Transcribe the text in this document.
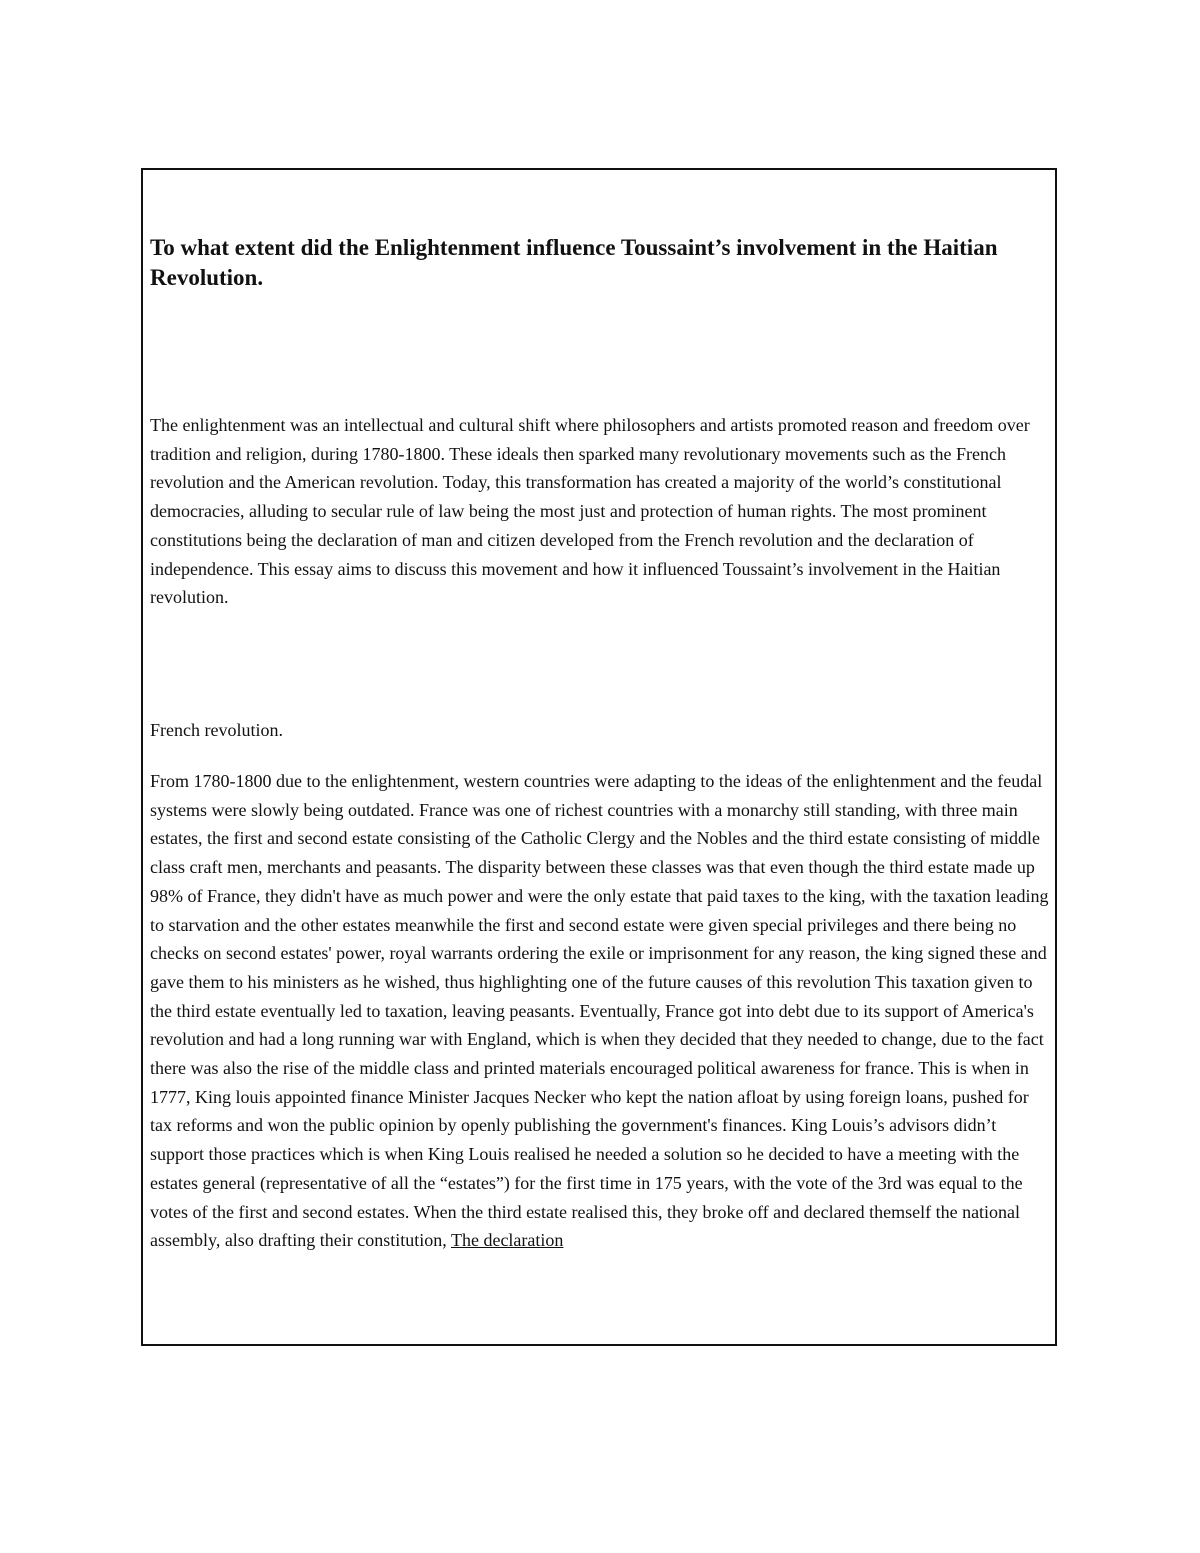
To what extent did the Enlightenment influence Toussaint’s involvement in the Haitian Revolution.

The enlightenment was an intellectual and cultural shift where philosophers and artists promoted reason and freedom over tradition and religion, during 1780-1800. These ideals then sparked many revolutionary movements such as the French revolution and the American revolution. Today, this transformation has created a majority of the world’s constitutional democracies, alluding to secular rule of law being the most just and protection of human rights. The most prominent constitutions being the declaration of man and citizen developed from the French revolution and the declaration of independence. This essay aims to discuss this movement and how it influenced Toussaint’s involvement in the Haitian revolution.

French revolution.

From 1780-1800 due to the enlightenment, western countries were adapting to the ideas of the enlightenment and the feudal systems were slowly being outdated. France was one of richest countries with a monarchy still standing, with three main estates, the first and second estate consisting of the Catholic Clergy and the Nobles and the third estate consisting of middle class craft men, merchants and peasants. The disparity between these classes was that even though the third estate made up 98% of France, they didn't have as much power and were the only estate that paid taxes to the king, with the taxation leading to starvation and the other estates meanwhile the first and second estate were given special privileges and there being no checks on second estates' power, royal warrants ordering the exile or imprisonment for any reason, the king signed these and gave them to his ministers as he wished, thus highlighting one of the future causes of this revolution This taxation given to the third estate eventually led to taxation, leaving peasants. Eventually, France got into debt due to its support of America's revolution and had a long running war with England, which is when they decided that they needed to change, due to the fact there was also the rise of the middle class and printed materials encouraged political awareness for france. This is when in 1777, King louis appointed finance Minister Jacques Necker who kept the nation afloat by using foreign loans, pushed for tax reforms and won the public opinion by openly publishing the government's finances. King Louis’s advisors didn’t support those practices which is when King Louis realised he needed a solution so he decided to have a meeting with the estates general (representative of all the “estates”) for the first time in 175 years, with the vote of the 3rd was equal to the votes of the first and second estates. When the third estate realised this, they broke off and declared themself the national assembly, also drafting their constitution, The declaration
